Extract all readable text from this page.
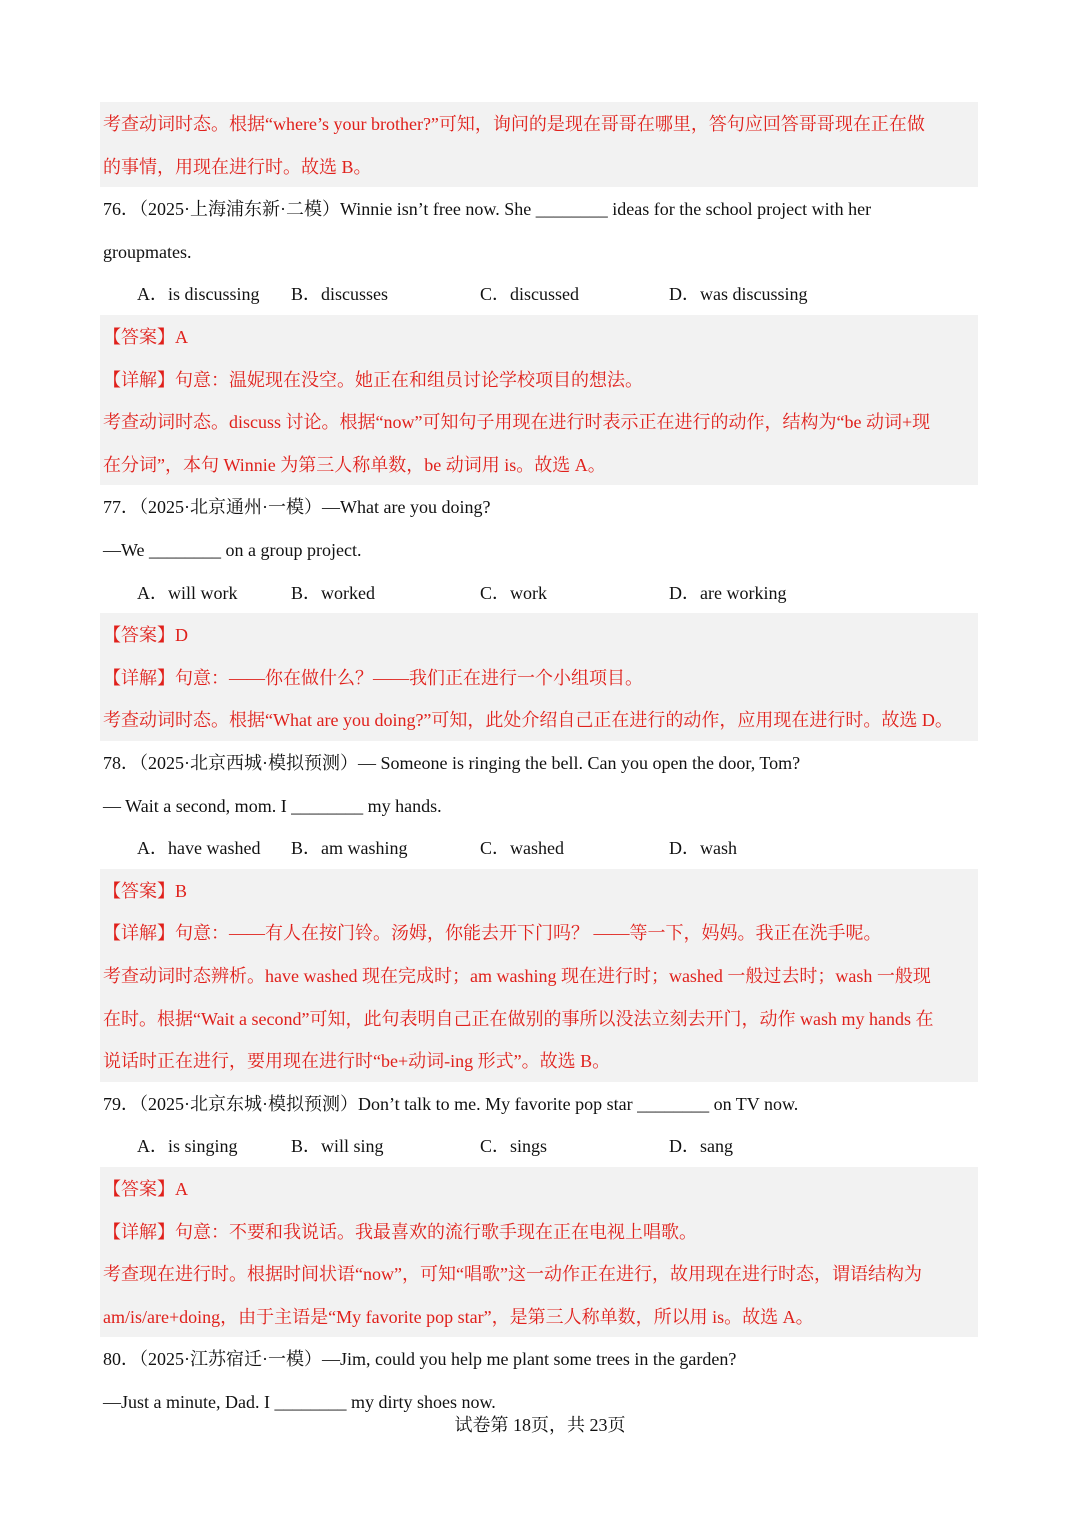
考查动词时态。根据“where’s your brother?”可知，询问的是现在哥哥在哪里，答句应回答哥哥现在正在做
的事情，用现在进行时。故选 B。
76．（2025·上海浦东新·二模）Winnie isn’t free now. She ________ ideas for the school project with her
groupmates.
A．is discussing B．discusses	C．discussed	D．was discussing
【答案】A
【详解】句意：温妮现在没空。她正在和组员讨论学校项目的想法。
考查动词时态。discuss 讨论。根据“now”可知句子用现在进行时表示正在进行的动作，结构为“be 动词+现
在分词”，本句 Winnie 为第三人称单数，be 动词用 is。故选 A。
77．（2025·北京通州·一模）—What are you doing?
—We ________ on a group project.
A．will work	B．worked	C．work	D．are working
【答案】D
【详解】句意：——你在做什么？——我们正在进行一个小组项目。
考查动词时态。根据“What are you doing?”可知，此处介绍自己正在进行的动作，应用现在进行时。故选 D。
78．（2025·北京西城·模拟预测）— Someone is ringing the bell. Can you open the door, Tom?
— Wait a second, mom. I ________ my hands.
A．have washed B．am washing	C．washed	D．wash
【答案】B
【详解】句意：——有人在按门铃。汤姆，你能去开下门吗？ ——等一下，妈妈。我正在洗手呢。
考查动词时态辨析。have washed 现在完成时；am washing 现在进行时；washed 一般过去时；wash 一般现
在时。根据“Wait a second”可知，此句表明自己正在做别的事所以没法立刻去开门，动作 wash my hands 在
说话时正在进行，要用现在进行时“be+动词-ing 形式”。故选 B。
79．（2025·北京东城·模拟预测）Don’t talk to me. My favorite pop star ________ on TV now.
A．is singing	B．will sing	C．sings	D．sang
【答案】A
【详解】句意：不要和我说话。我最喜欢的流行歌手现在正在电视上唱歌。
考查现在进行时。根据时间状语“now”，可知“唱歌”这一动作正在进行，故用现在进行时态，谓语结构为
am/is/are+doing，由于主语是“My favorite pop star”，是第三人称单数，所以用 is。故选 A。
80．（2025·江苏宿迁·一模）—Jim, could you help me plant some trees in the garden?
—Just a minute, Dad. I ________ my dirty shoes now.
试卷第 18页，共 23页
